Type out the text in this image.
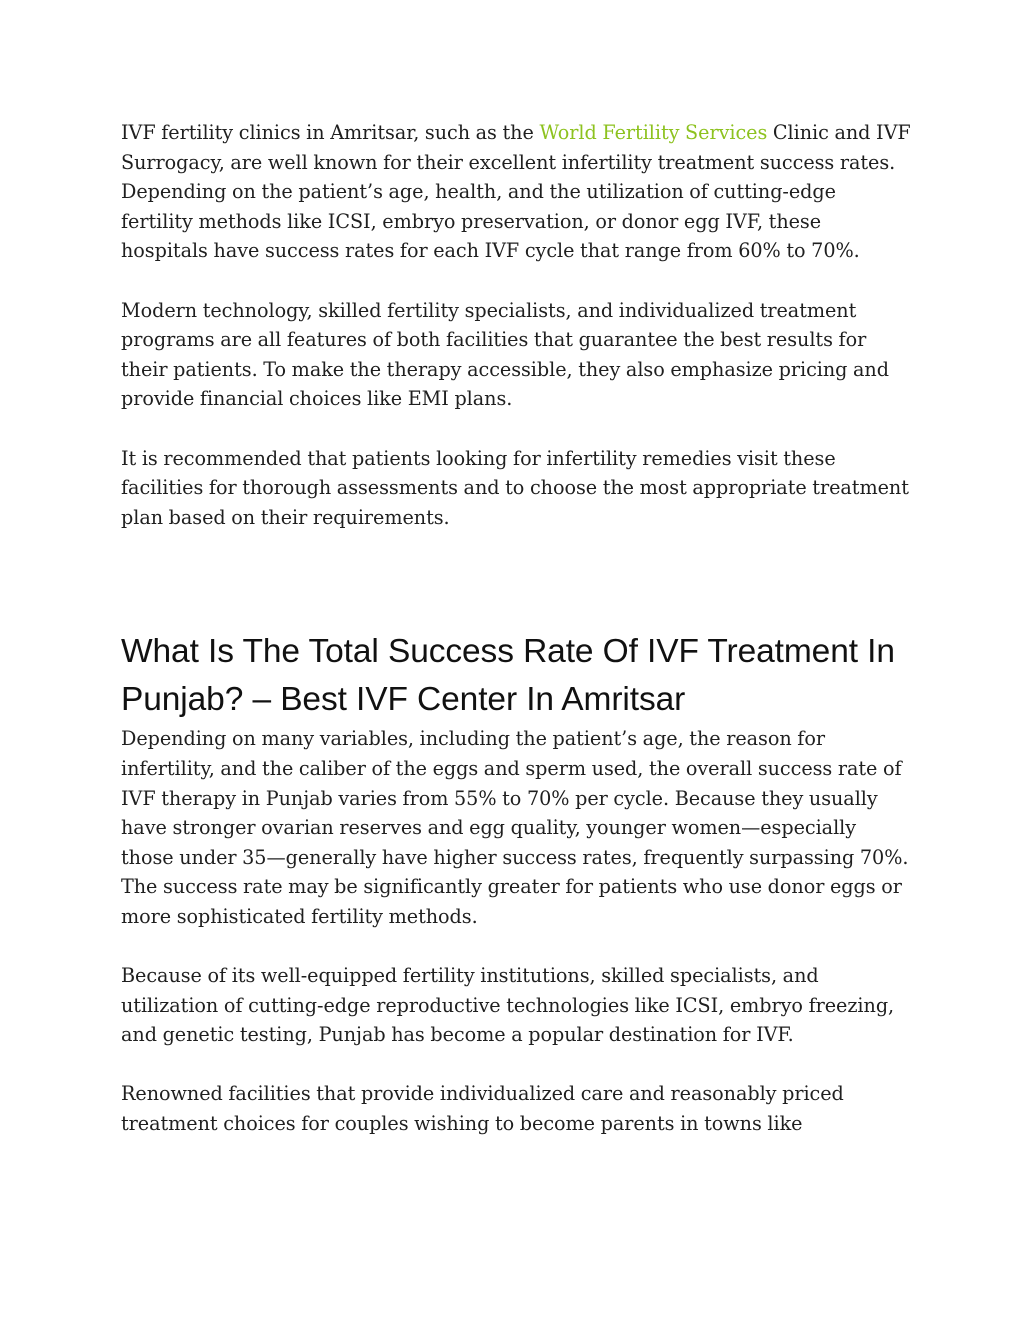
IVF fertility clinics in Amritsar, such as the World Fertility Services Clinic and IVF Surrogacy, are well known for their excellent infertility treatment success rates. Depending on the patient’s age, health, and the utilization of cutting-edge fertility methods like ICSI, embryo preservation, or donor egg IVF, these hospitals have success rates for each IVF cycle that range from 60% to 70%.

Modern technology, skilled fertility specialists, and individualized treatment programs are all features of both facilities that guarantee the best results for their patients. To make the therapy accessible, they also emphasize pricing and provide financial choices like EMI plans.

It is recommended that patients looking for infertility remedies visit these facilities for thorough assessments and to choose the most appropriate treatment plan based on their requirements.

What Is The Total Success Rate Of IVF Treatment In Punjab? – Best IVF Center In Amritsar

Depending on many variables, including the patient’s age, the reason for infertility, and the caliber of the eggs and sperm used, the overall success rate of IVF therapy in Punjab varies from 55% to 70% per cycle. Because they usually have stronger ovarian reserves and egg quality, younger women—especially those under 35—generally have higher success rates, frequently surpassing 70%. The success rate may be significantly greater for patients who use donor eggs or more sophisticated fertility methods.

Because of its well-equipped fertility institutions, skilled specialists, and utilization of cutting-edge reproductive technologies like ICSI, embryo freezing, and genetic testing, Punjab has become a popular destination for IVF.

Renowned facilities that provide individualized care and reasonably priced treatment choices for couples wishing to become parents in towns like
